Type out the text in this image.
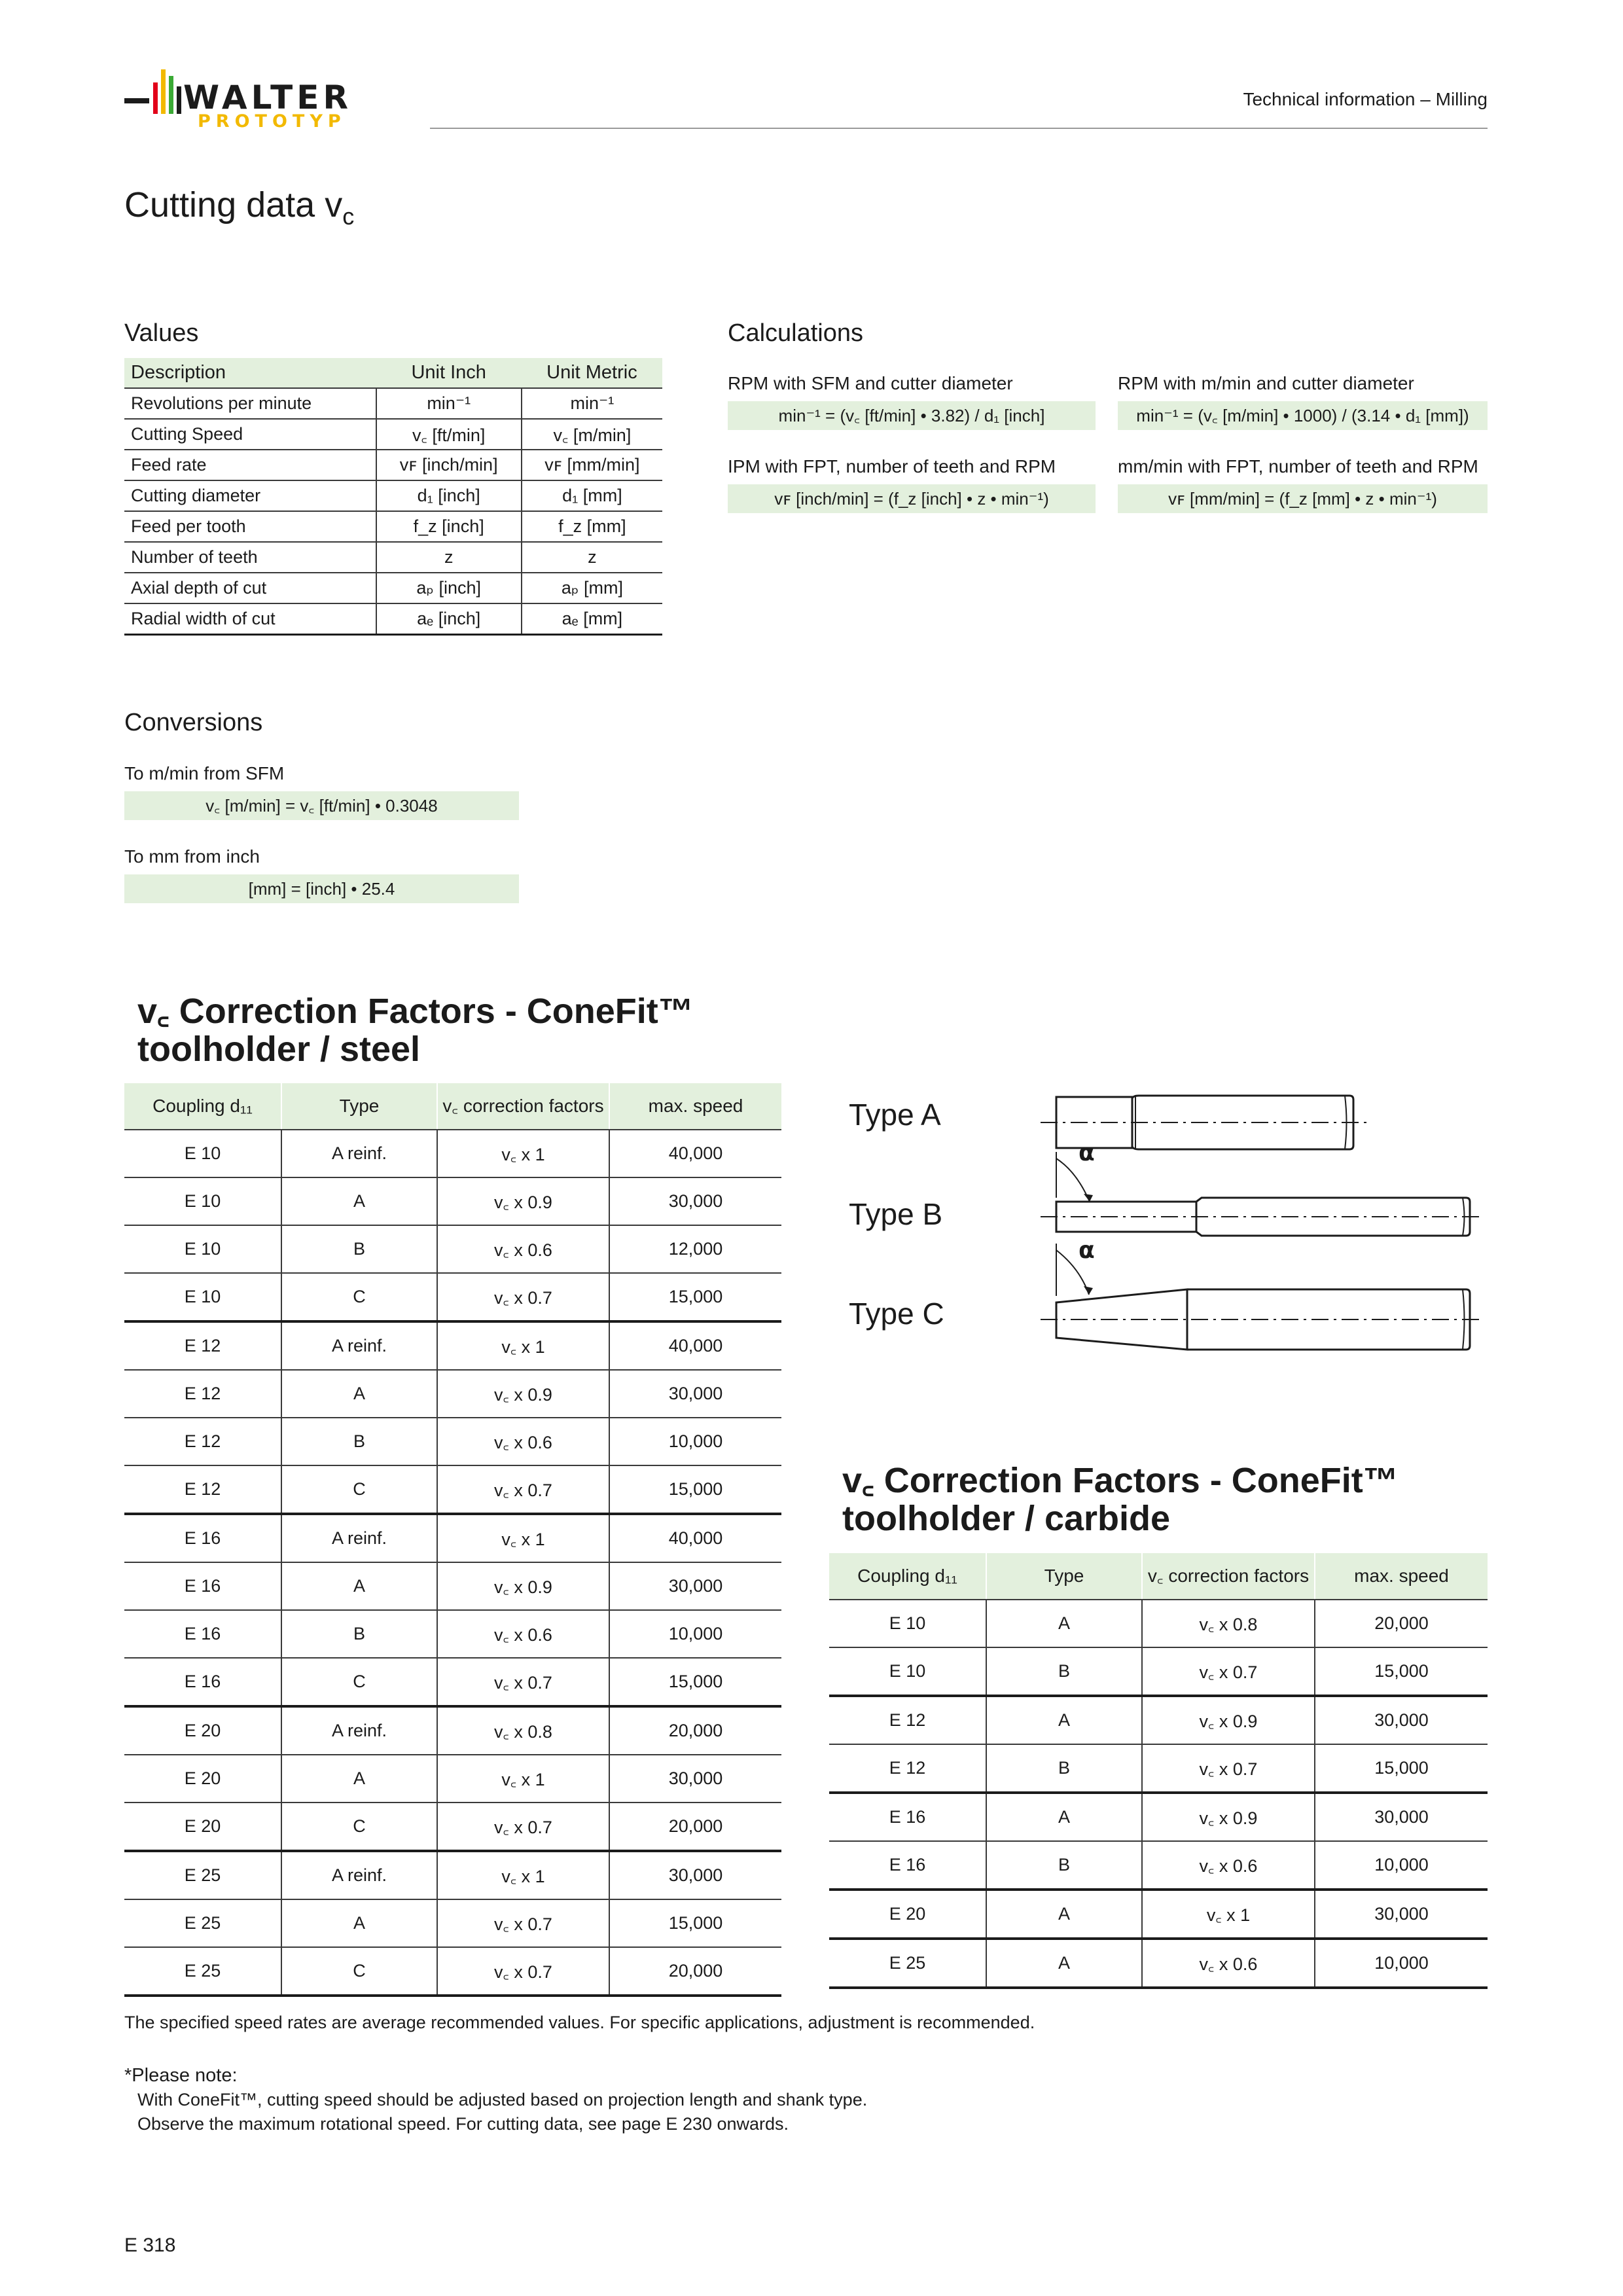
WALTER
PROTOTYP
Technical information – Milling
Cutting data $v_c$
Values
Description	Unit Inch	Unit Metric
Revolutions per minute	min⁻¹	min⁻¹
Cutting Speed	v꜀ [ft/min]	v꜀ [m/min]
Feed rate	vꜰ [inch/min]	vꜰ [mm/min]
Cutting diameter	d₁ [inch]	d₁ [mm]
Feed per tooth	f_z [inch]	f_z [mm]
Number of teeth	z	z
Axial depth of cut	aₚ [inch]	aₚ [mm]
Radial width of cut	aₑ [inch]	aₑ [mm]
Calculations
RPM with SFM and cutter diameter
min⁻¹ = (v꜀ [ft/min] • 3.82) / d₁ [inch]
RPM with m/min and cutter diameter
min⁻¹ = (v꜀ [m/min] • 1000) / (3.14 • d₁ [mm])
IPM with FPT, number of teeth and RPM
vꜰ [inch/min] = (f_z [inch] • z • min⁻¹)
mm/min with FPT, number of teeth and RPM
vꜰ [mm/min] = (f_z [mm] • z • min⁻¹)
Conversions
To m/min from SFM
v꜀ [m/min] = v꜀ [ft/min] • 0.3048
To mm from inch
[mm] = [inch] • 25.4
v꜀ Correction Factors - ConeFit™
toolholder / steel
Coupling d₁₁	Type	v꜀ correction factors	max. speed
E 10	A reinf.	v꜀ x 1	40,000
E 10	A	v꜀ x 0.9	30,000
E 10	B	v꜀ x 0.6	12,000
E 10	C	v꜀ x 0.7	15,000
E 12	A reinf.	v꜀ x 1	40,000
E 12	A	v꜀ x 0.9	30,000
E 12	B	v꜀ x 0.6	10,000
E 12	C	v꜀ x 0.7	15,000
E 16	A reinf.	v꜀ x 1	40,000
E 16	A	v꜀ x 0.9	30,000
E 16	B	v꜀ x 0.6	10,000
E 16	C	v꜀ x 0.7	15,000
E 20	A reinf.	v꜀ x 0.8	20,000
E 20	A	v꜀ x 1	30,000
E 20	C	v꜀ x 0.7	20,000
E 25	A reinf.	v꜀ x 1	30,000
E 25	A	v꜀ x 0.7	15,000
E 25	C	v꜀ x 0.7	20,000
Type A
Type B
Type C
α
α
v꜀ Correction Factors - ConeFit™
toolholder / carbide
Coupling d₁₁	Type	v꜀ correction factors	max. speed
E 10	A	v꜀ x 0.8	20,000
E 10	B	v꜀ x 0.7	15,000
E 12	A	v꜀ x 0.9	30,000
E 12	B	v꜀ x 0.7	15,000
E 16	A	v꜀ x 0.9	30,000
E 16	B	v꜀ x 0.6	10,000
E 20	A	v꜀ x 1	30,000
E 25	A	v꜀ x 0.6	10,000
The specified speed rates are average recommended values. For specific applications, adjustment is recommended.
*Please note:
With ConeFit™, cutting speed should be adjusted based on projection length and shank type.
Observe the maximum rotational speed. For cutting data, see page E 230 onwards.
E 318
